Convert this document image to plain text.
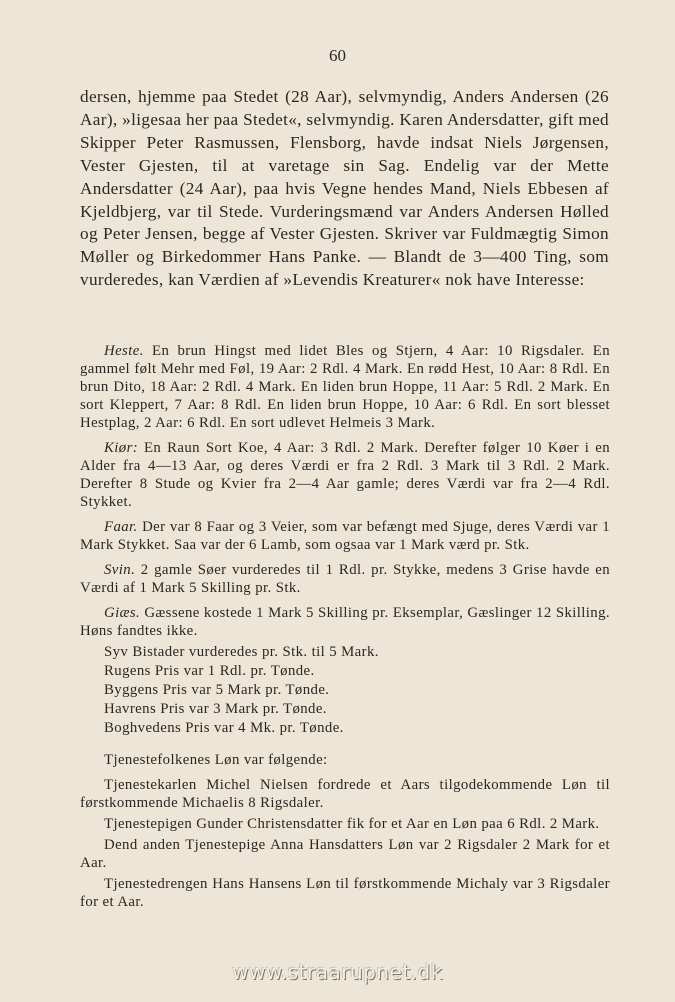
60

dersen, hjemme paa Stedet (28 Aar), selvmyndig, Anders Andersen (26 Aar), »ligesaa her paa Stedet«, selvmyndig. Karen Andersdatter, gift med Skipper Peter Rasmussen, Flensborg, havde indsat Niels Jørgensen, Vester Gjesten, til at varetage sin Sag. Endelig var der Mette Andersdatter (24 Aar), paa hvis Vegne hendes Mand, Niels Ebbesen af Kjeldbjerg, var til Stede. Vurderingsmænd var Anders Andersen Hølled og Peter Jensen, begge af Vester Gjesten. Skriver var Fuldmægtig Simon Møller og Birkedommer Hans Panke. — Blandt de 3—400 Ting, som vurderedes, kan Værdien af »Levendis Kreaturer« nok have Interesse:

Heste. En brun Hingst med lidet Bles og Stjern, 4 Aar: 10 Rigsdaler. En gammel følt Mehr med Føl, 19 Aar: 2 Rdl. 4 Mark. En rødd Hest, 10 Aar: 8 Rdl. En brun Dito, 18 Aar: 2 Rdl. 4 Mark. En liden brun Hoppe, 11 Aar: 5 Rdl. 2 Mark. En sort Kleppert, 7 Aar: 8 Rdl. En liden brun Hoppe, 10 Aar: 6 Rdl. En sort blesset Hestplag, 2 Aar: 6 Rdl. En sort udlevet Helmeis 3 Mark.

Kiør: En Raun Sort Koe, 4 Aar: 3 Rdl. 2 Mark. Derefter følger 10 Køer i en Alder fra 4—13 Aar, og deres Værdi er fra 2 Rdl. 3 Mark til 3 Rdl. 2 Mark. Derefter 8 Stude og Kvier fra 2—4 Aar gamle; deres Værdi var fra 2—4 Rdl. Stykket.

Faar. Der var 8 Faar og 3 Veier, som var befængt med Sjuge, deres Værdi var 1 Mark Stykket. Saa var der 6 Lamb, som ogsaa var 1 Mark værd pr. Stk.

Svin. 2 gamle Søer vurderedes til 1 Rdl. pr. Stykke, medens 3 Grise havde en Værdi af 1 Mark 5 Skilling pr. Stk.

Giæs. Gæssene kostede 1 Mark 5 Skilling pr. Eksemplar, Gæslinger 12 Skilling. Høns fandtes ikke.

Syv Bistader vurderedes pr. Stk. til 5 Mark.

Rugens Pris var 1 Rdl. pr. Tønde.

Byggens Pris var 5 Mark pr. Tønde.

Havrens Pris var 3 Mark pr. Tønde.

Boghvedens Pris var 4 Mk. pr. Tønde.

Tjenestefolkenes Løn var følgende:

Tjenestekarlen Michel Nielsen fordrede et Aars tilgodekommende Løn til førstkommende Michaelis 8 Rigsdaler.

Tjenestepigen Gunder Christensdatter fik for et Aar en Løn paa 6 Rdl. 2 Mark.

Dend anden Tjenestepige Anna Hansdatters Løn var 2 Rigsdaler 2 Mark for et Aar.

Tjenestedrengen Hans Hansens Løn til førstkommende Michaly var 3 Rigsdaler for et Aar.

www.straarupnet.dk
